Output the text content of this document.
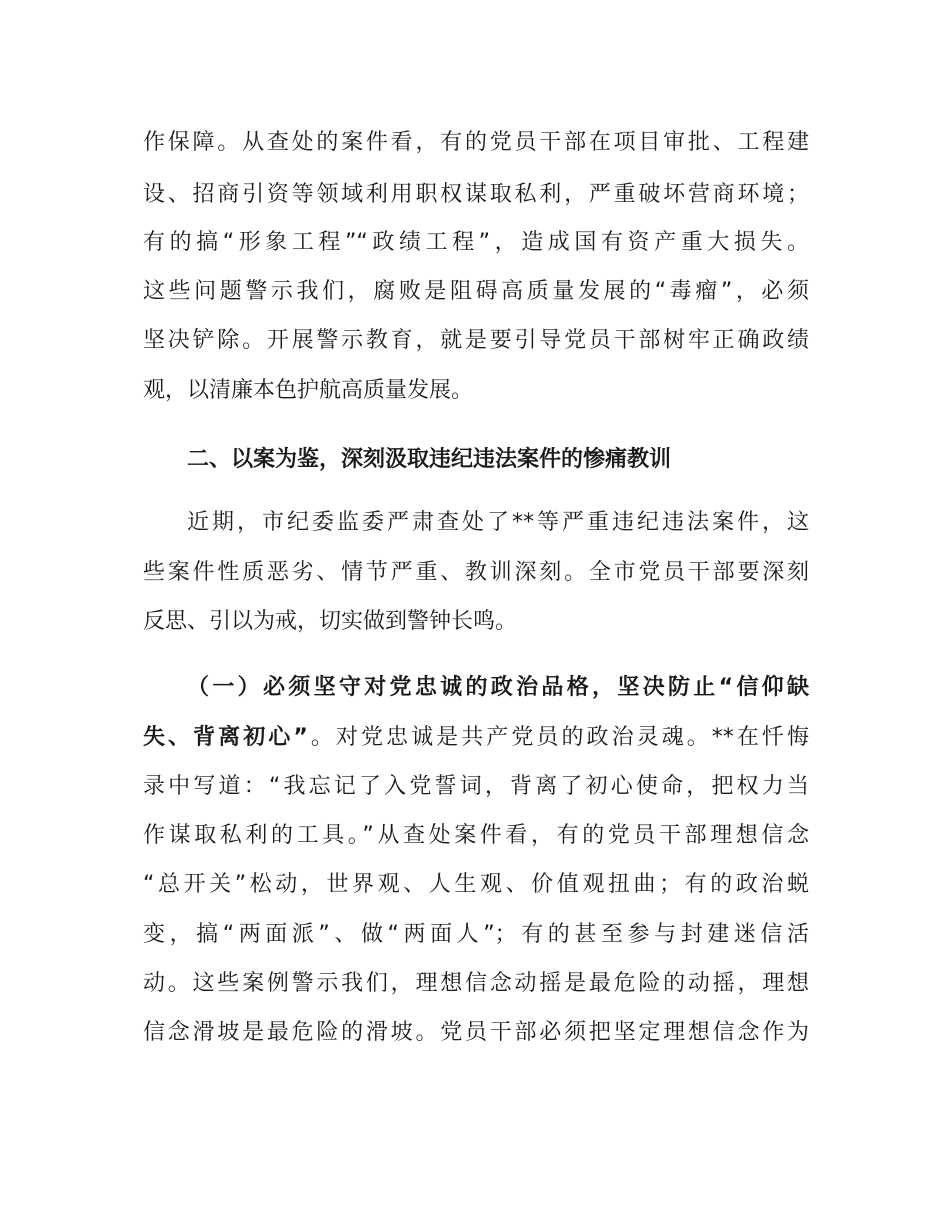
作保障。从查处的案件看，有的党员干部在项目审批、工程建
设、招商引资等领域利用职权谋取私利，严重破坏营商环境；
有的搞“形象工程”“政绩工程”，造成国有资产重大损失。
这些问题警示我们，腐败是阻碍高质量发展的“毒瘤”，必须
坚决铲除。开展警示教育，就是要引导党员干部树牢正确政绩
观，以清廉本色护航高质量发展。
二、以案为鉴，深刻汲取违纪违法案件的惨痛教训
近期，市纪委监委严肃查处了**等严重违纪违法案件，这
些案件性质恶劣、情节严重、教训深刻。全市党员干部要深刻
反思、引以为戒，切实做到警钟长鸣。
（一）必须坚守对党忠诚的政治品格，坚决防止“信仰缺
失、背离初心”。对党忠诚是共产党员的政治灵魂。**在忏悔
录中写道：“我忘记了入党誓词，背离了初心使命，把权力当
作谋取私利的工具。”从查处案件看，有的党员干部理想信念
“总开关”松动，世界观、人生观、价值观扭曲；有的政治蜕
变，搞“两面派”、做“两面人”；有的甚至参与封建迷信活
动。这些案例警示我们，理想信念动摇是最危险的动摇，理想
信念滑坡是最危险的滑坡。党员干部必须把坚定理想信念作为
